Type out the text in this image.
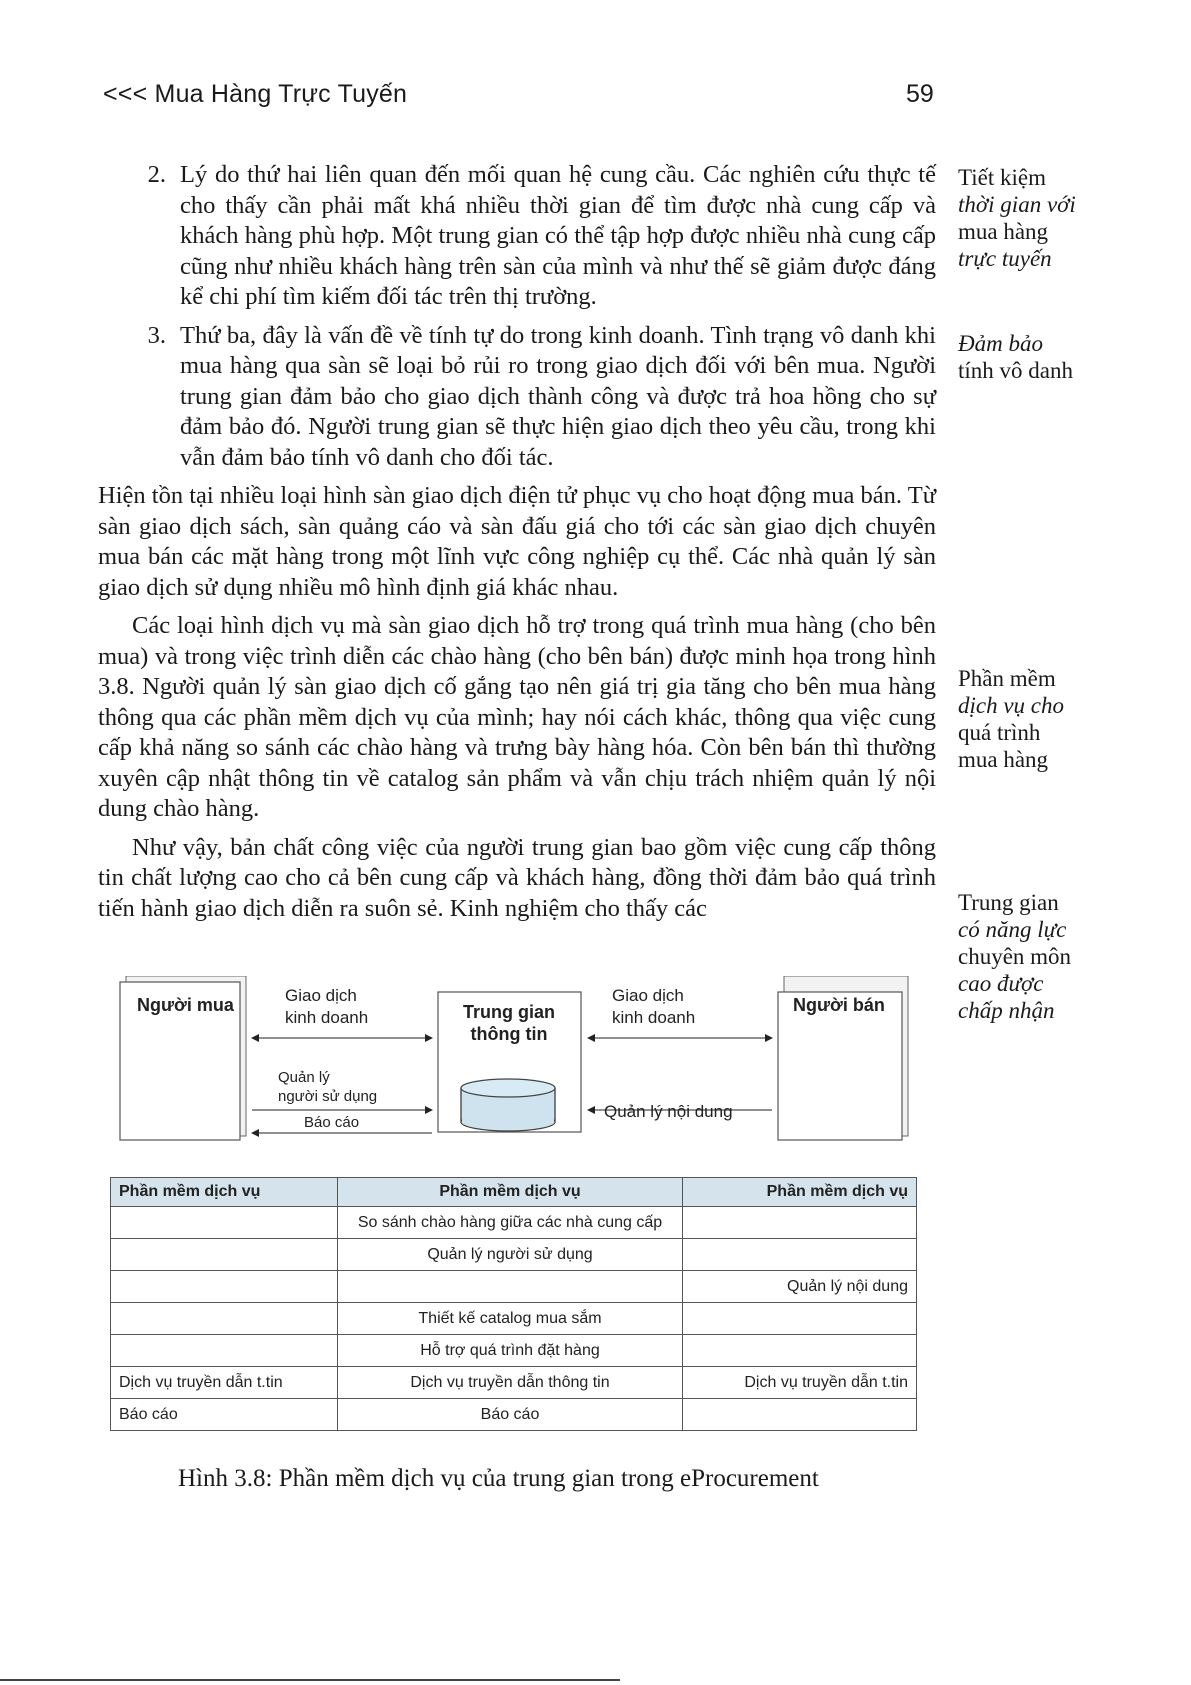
<<< Mua Hàng Trực Tuyến	59
2. Lý do thứ hai liên quan đến mối quan hệ cung cầu. Các nghiên cứu thực tế cho thấy cần phải mất khá nhiều thời gian để tìm được nhà cung cấp và khách hàng phù hợp. Một trung gian có thể tập hợp được nhiều nhà cung cấp cũng như nhiều khách hàng trên sàn của mình và như thế sẽ giảm được đáng kể chi phí tìm kiếm đối tác trên thị trường.
3. Thứ ba, đây là vấn đề về tính tự do trong kinh doanh. Tình trạng vô danh khi mua hàng qua sàn sẽ loại bỏ rủi ro trong giao dịch đối với bên mua. Người trung gian đảm bảo cho giao dịch thành công và được trả hoa hồng cho sự đảm bảo đó. Người trung gian sẽ thực hiện giao dịch theo yêu cầu, trong khi vẫn đảm bảo tính vô danh cho đối tác.

Hiện tồn tại nhiều loại hình sàn giao dịch điện tử phục vụ cho hoạt động mua bán. Từ sàn giao dịch sách, sàn quảng cáo và sàn đấu giá cho tới các sàn giao dịch chuyên mua bán các mặt hàng trong một lĩnh vực công nghiệp cụ thể. Các nhà quản lý sàn giao dịch sử dụng nhiều mô hình định giá khác nhau.

Các loại hình dịch vụ mà sàn giao dịch hỗ trợ trong quá trình mua hàng (cho bên mua) và trong việc trình diễn các chào hàng (cho bên bán) được minh họa trong hình 3.8. Người quản lý sàn giao dịch cố gắng tạo nên giá trị gia tăng cho bên mua hàng thông qua các phần mềm dịch vụ của mình; hay nói cách khác, thông qua việc cung cấp khả năng so sánh các chào hàng và trưng bày hàng hóa. Còn bên bán thì thường xuyên cập nhật thông tin về catalog sản phẩm và vẫn chịu trách nhiệm quản lý nội dung chào hàng.

Như vậy, bản chất công việc của người trung gian bao gồm việc cung cấp thông tin chất lượng cao cho cả bên cung cấp và khách hàng, đồng thời đảm bảo quá trình tiến hành giao dịch diễn ra suôn sẻ. Kinh nghiệm cho thấy các

Tiết kiệm
thời gian với
mua hàng
trực tuyến
Đảm bảo
tính vô danh
Phần mềm
dịch vụ cho
quá trình
mua hàng
Trung gian
có năng lực
chuyên môn
cao được
chấp nhận
Người mua	Trung gian
thông tin
Người bán
Giao dịch
kinh doanh
Quản lý
người sử dụng
Báo cáo
Giao dịch
kinh doanh
Quản lý nội dung
Phần mềm dịch vụ	Phần mềm dịch vụ	Phần mềm dịch vụ
	So sánh chào hàng giữa các nhà cung cấp	
	Quản lý người sử dụng	
		Quản lý nội dung
	Thiết kế catalog mua sắm	
	Hỗ trợ quá trình đặt hàng	
Dịch vụ truyền dẫn t.tin	Dịch vụ truyền dẫn thông tin	Dịch vụ truyền dẫn t.tin
Báo cáo	Báo cáo	
Hình 3.8: Phần mềm dịch vụ của trung gian trong eProcurement
